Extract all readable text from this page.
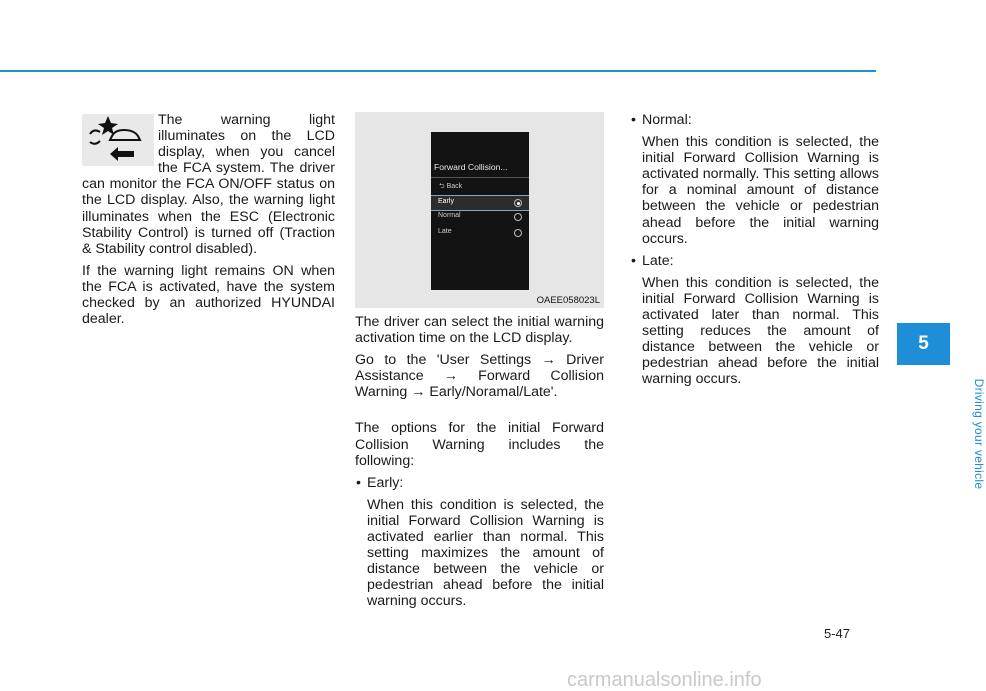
The warning light illuminates on the LCD display, when you cancel the FCA system. The driver can monitor the FCA ON/OFF status on the LCD display. Also, the warning light illuminates when the ESC (Electronic Stability Control) is turned off (Traction & Stability control disabled).

If the warning light remains ON when the FCA is activated, have the system checked by an authorized HYUNDAI dealer.

Forward Collision...
⮌ Back
Early
Normal
Late
OAEE058023L

The driver can select the initial warning activation time on the LCD display.

Go to the 'User Settings → Driver Assistance → Forward Collision Warning → Early/Noramal/Late'.

The options for the initial Forward Collision Warning includes the following:

• Early:

When this condition is selected, the initial Forward Collision Warning is activated earlier than normal. This setting maximizes the amount of distance between the vehicle or pedestrian ahead before the initial warning occurs.

• Normal:

When this condition is selected, the initial Forward Collision Warning is activated normally. This setting allows for a nominal amount of distance between the vehicle or pedestrian ahead before the initial warning occurs.

• Late:

When this condition is selected, the initial Forward Collision Warning is activated later than normal. This setting reduces the amount of distance between the vehicle or pedestrian ahead before the initial warning occurs.

5
Driving your vehicle
5-47
carmanualsonline.info
